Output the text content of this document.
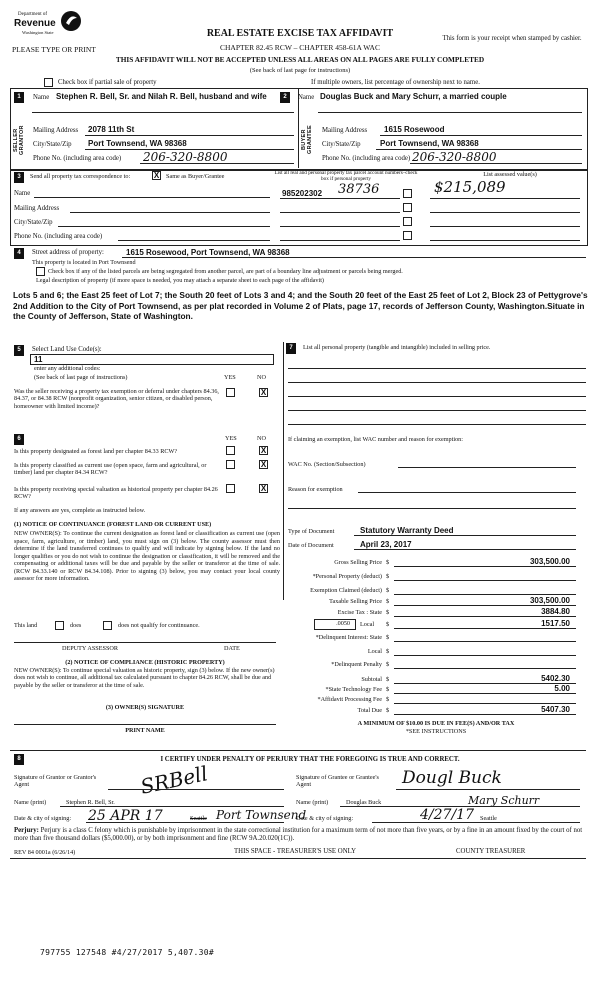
Department of
Revenue
Washington State	REAL ESTATE EXCISE TAX AFFIDAVIT
CHAPTER 82.45 RCW – CHAPTER 458-61A WAC
PLEASE TYPE OR PRINT
This form is your receipt when stamped by cashier.
THIS AFFIDAVIT WILL NOT BE ACCEPTED UNLESS ALL AREAS ON ALL PAGES ARE FULLY COMPLETED
(See back of last page for instructions)
Check box if partial sale of property	If multiple owners, list percentage of ownership next to name.
1
SELLER GRANTOR
Name Stephen R. Bell, Sr. and Nilah R. Bell, husband and wife
Mailing Address 2078 11th St
City/State/Zip Port Townsend, WA 98368
Phone No. (including area code) 206-320-8800
2
BUYER GRANTEE
Name Douglas Buck and Mary Schurr, a married couple
Mailing Address 1615 Rosewood
City/State/Zip Port Townsend, WA 98368
Phone No. (including area code) 206-320-8800
3	Send all property tax correspondence to:	X Same as Buyer/Grantee
Name
Mailing Address
City/State/Zip
Phone No. (including area code)
List all real and personal property tax parcel account numbers–check box if personal property
List assessed value(s)
985202302 38736	$215,089
4	Street address of property:	1615 Rosewood, Port Townsend, WA 98368
This property is located in Port Townsend
Check box if any of the listed parcels are being segregated from another parcel, are part of a boundary line adjustment or parcels being merged.
Legal description of property (if more space is needed, you may attach a separate sheet to each page of the affidavit)
Lots 5 and 6; the East 25 feet of Lot 7; the South 20 feet of Lots 3 and 4; and the South 20 feet of the East 25 feet of Lot 2, Block 23 of Pettygrove's 2nd Addition to the City of Port Townsend, as per plat recorded in Volume 2 of Plats, page 17, records of Jefferson County, Washington.Situate in the County of Jefferson, State of Washington.
5	Select Land Use Code(s):
11
enter any additional codes:
(See back of last page of instructions)	YES	NO
Was the seller receiving a property tax exemption or deferral under chapters 84.36, 84.37, or 84.38 RCW (nonprofit organization, senior citizen, or disabled person, homeowner with limited income)?
X
7	List all personal property (tangible and intangible) included in selling price.
6	YES	NO
Is this property designated as forest land per chapter 84.33 RCW?	X
Is this property classified as current use (open space, farm and agricultural, or timber) land per chapter 84.34 RCW?
X
Is this property receiving special valuation as historical property per chapter 84.26 RCW?
X
If any answers are yes, complete as instructed below.
(1) NOTICE OF CONTINUANCE (FOREST LAND OR CURRENT USE)
NEW OWNER(S): To continue the current designation as forest land or classification as current use (open space, farm, agriculture, or timber) land, you must sign on (3) below. The county assessor must then determine if the land transferred continues to qualify and will indicate by signing below. If the land no longer qualifies or you do not wish to continue the designation or classification, it will be removed and the compensating or additional taxes will be due and payable by the seller or transferor at the time of sale. (RCW 84.33.140 or RCW 84.34.108). Prior to signing (3) below, you may contact your local county assessor for more information.
This land	does	does not qualify for continuance.
DEPUTY ASSESSOR	DATE
(2) NOTICE OF COMPLIANCE (HISTORIC PROPERTY)
NEW OWNER(S): To continue special valuation as historic property, sign (3) below. If the new owner(s) does not wish to continue, all additional tax calculated pursuant to chapter 84.26 RCW, shall be due and payable by the seller or transferor at the time of sale.
(3) OWNER(S) SIGNATURE
PRINT NAME
If claiming an exemption, list WAC number and reason for exemption:
WAC No. (Section/Subsection)
Reason for exemption
Type of Document	Statutory Warranty Deed
Date of Document	April 23, 2017
Gross Selling Price $	303,500.00
*Personal Property (deduct) $
Exemption Claimed (deduct) $
Taxable Selling Price $	303,500.00
Excise Tax : State $	3884.80
.0050 Local $	1517.50
*Delinquent Interest: State $
Local $
*Delinquent Penalty $
Subtotal $	5402.30
*State Technology Fee $	5.00
*Affidavit Processing Fee $
Total Due $	5407.30
A MINIMUM OF $10.00 IS DUE IN FEE(S) AND/OR TAX
*SEE INSTRUCTIONS
8	I CERTIFY UNDER PENALTY OF PERJURY THAT THE FOREGOING IS TRUE AND CORRECT.
Signature of Grantor or Grantor's Agent	SRBell	Signature of Grantee or Grantee's Agent	Dougl Buck
Name (print)	Stephen R. Bell, Sr.	Name (print)	Douglas Buck	Mary Schurr
Date & city of signing: 25 APR 17	Seattle Port Townsend
Date & city of signing:	4/27/17 Seattle
Perjury: Perjury is a class C felony which is punishable by imprisonment in the state correctional institution for a maximum term of not more than five years, or by a fine in an amount fixed by the court of not more than five thousand dollars ($5,000.00), or by both imprisonment and fine (RCW 9A.20.020(1C)).
REV 84 0001a (6/26/14)	THIS SPACE - TREASURER'S USE ONLY	COUNTY TREASURER
797755 127548 #4/27/2017 5,407.30#
